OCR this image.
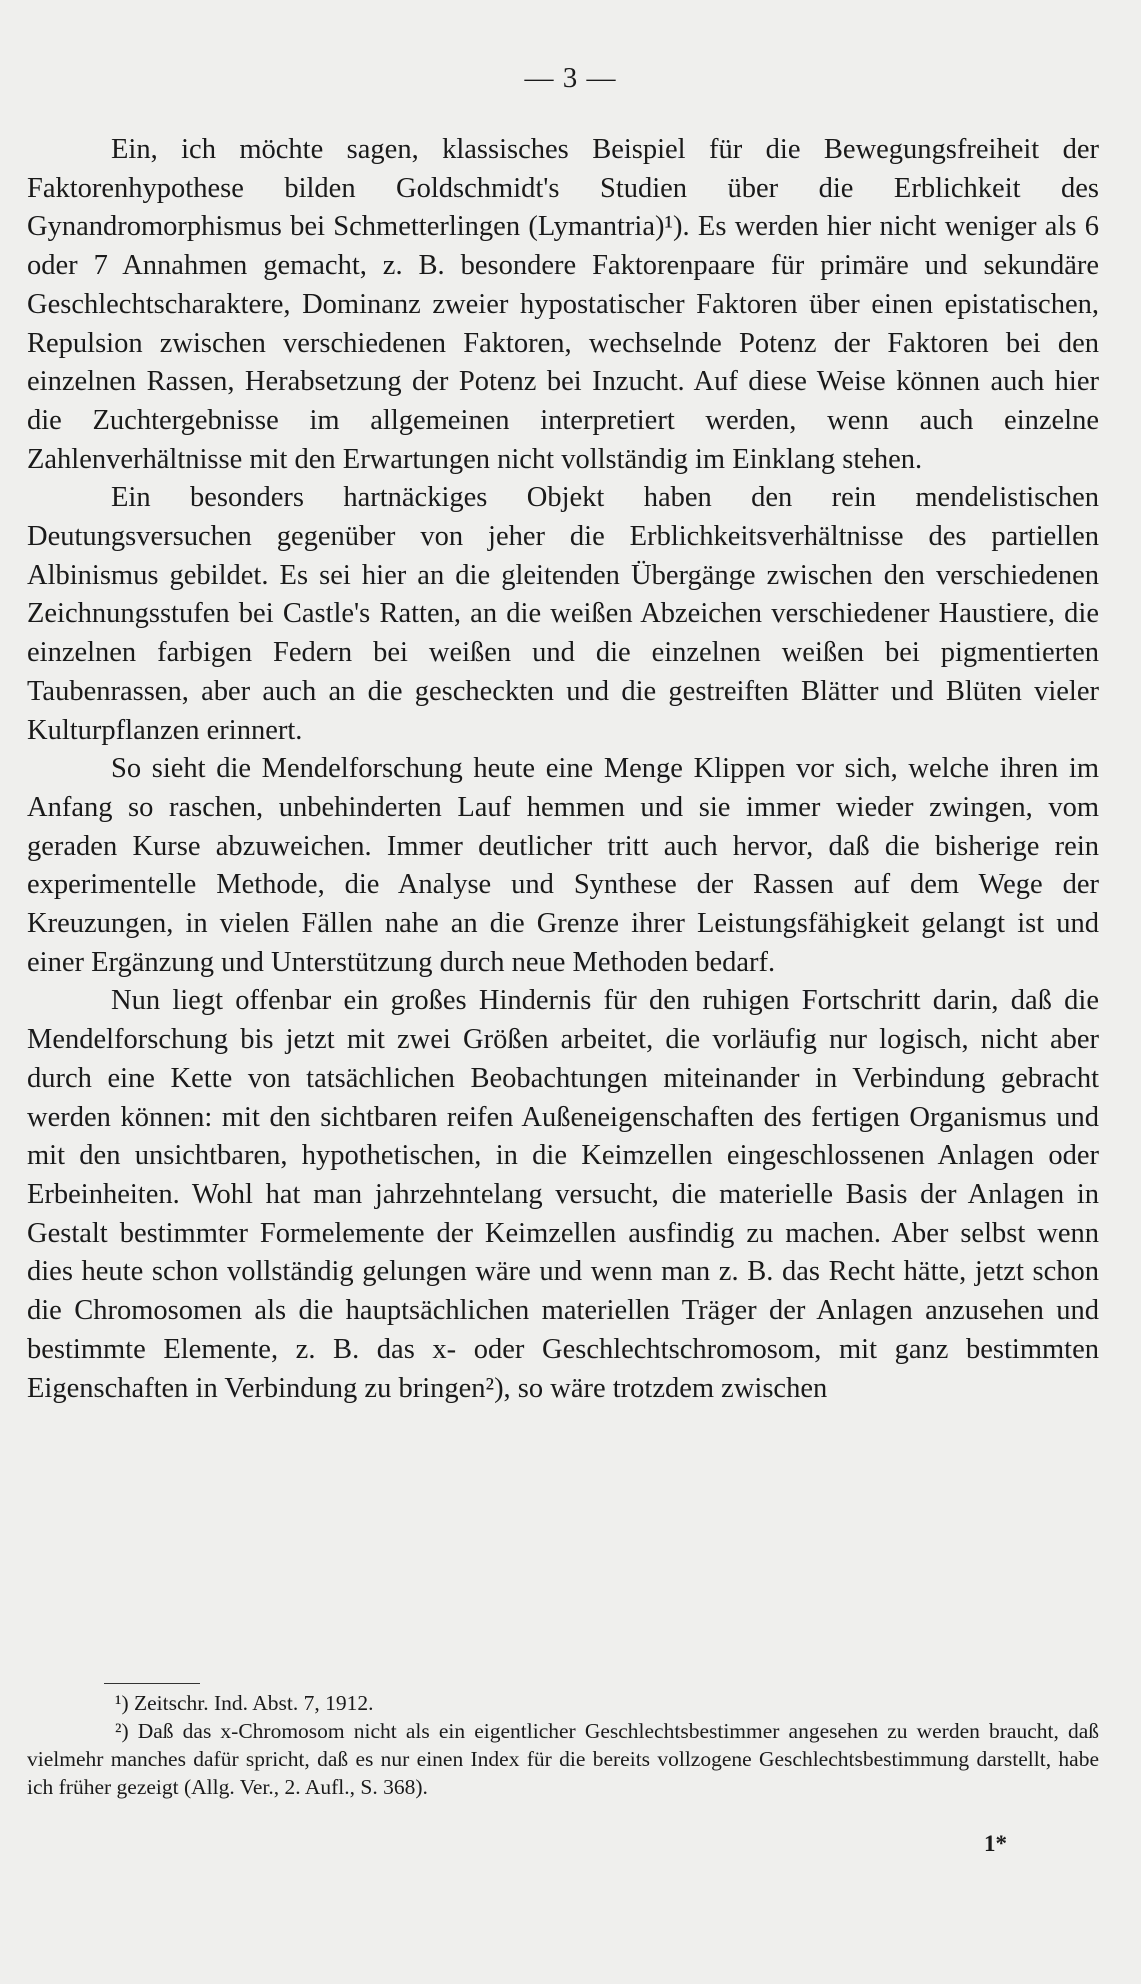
— 3 —

Ein, ich möchte sagen, klassisches Beispiel für die Bewegungsfreiheit der Faktorenhypothese bilden Goldschmidt's Studien über die Erblichkeit des Gynandromorphismus bei Schmetterlingen (Lymantria)¹). Es werden hier nicht weniger als 6 oder 7 Annahmen gemacht, z. B. besondere Faktorenpaare für primäre und sekundäre Geschlechtscharaktere, Dominanz zweier hypostatischer Faktoren über einen epistatischen, Repulsion zwischen verschiedenen Faktoren, wechselnde Potenz der Faktoren bei den einzelnen Rassen, Herabsetzung der Potenz bei Inzucht. Auf diese Weise können auch hier die Zuchtergebnisse im allgemeinen interpretiert werden, wenn auch einzelne Zahlenverhältnisse mit den Erwartungen nicht vollständig im Einklang stehen.

Ein besonders hartnäckiges Objekt haben den rein mendelistischen Deutungsversuchen gegenüber von jeher die Erblichkeitsverhältnisse des partiellen Albinismus gebildet. Es sei hier an die gleitenden Übergänge zwischen den verschiedenen Zeichnungsstufen bei Castle's Ratten, an die weißen Abzeichen verschiedener Haustiere, die einzelnen farbigen Federn bei weißen und die einzelnen weißen bei pigmentierten Taubenrassen, aber auch an die gescheckten und die gestreiften Blätter und Blüten vieler Kulturpflanzen erinnert.

So sieht die Mendelforschung heute eine Menge Klippen vor sich, welche ihren im Anfang so raschen, unbehinderten Lauf hemmen und sie immer wieder zwingen, vom geraden Kurse abzuweichen. Immer deutlicher tritt auch hervor, daß die bisherige rein experimentelle Methode, die Analyse und Synthese der Rassen auf dem Wege der Kreuzungen, in vielen Fällen nahe an die Grenze ihrer Leistungsfähigkeit gelangt ist und einer Ergänzung und Unterstützung durch neue Methoden bedarf.

Nun liegt offenbar ein großes Hindernis für den ruhigen Fortschritt darin, daß die Mendelforschung bis jetzt mit zwei Größen arbeitet, die vorläufig nur logisch, nicht aber durch eine Kette von tatsächlichen Beobachtungen miteinander in Verbindung gebracht werden können: mit den sichtbaren reifen Außeneigenschaften des fertigen Organismus und mit den unsichtbaren, hypothetischen, in die Keimzellen eingeschlossenen Anlagen oder Erbeinheiten. Wohl hat man jahrzehntelang versucht, die materielle Basis der Anlagen in Gestalt bestimmter Formelemente der Keimzellen ausfindig zu machen. Aber selbst wenn dies heute schon vollständig gelungen wäre und wenn man z. B. das Recht hätte, jetzt schon die Chromosomen als die hauptsächlichen materiellen Träger der Anlagen anzusehen und bestimmte Elemente, z. B. das x- oder Geschlechtschromosom, mit ganz bestimmten Eigenschaften in Verbindung zu bringen²), so wäre trotzdem zwischen

¹) Zeitschr. Ind. Abst. 7, 1912.

²) Daß das x-Chromosom nicht als ein eigentlicher Geschlechtsbestimmer angesehen zu werden braucht, daß vielmehr manches dafür spricht, daß es nur einen Index für die bereits vollzogene Geschlechtsbestimmung darstellt, habe ich früher gezeigt (Allg. Ver., 2. Aufl., S. 368).

1*
